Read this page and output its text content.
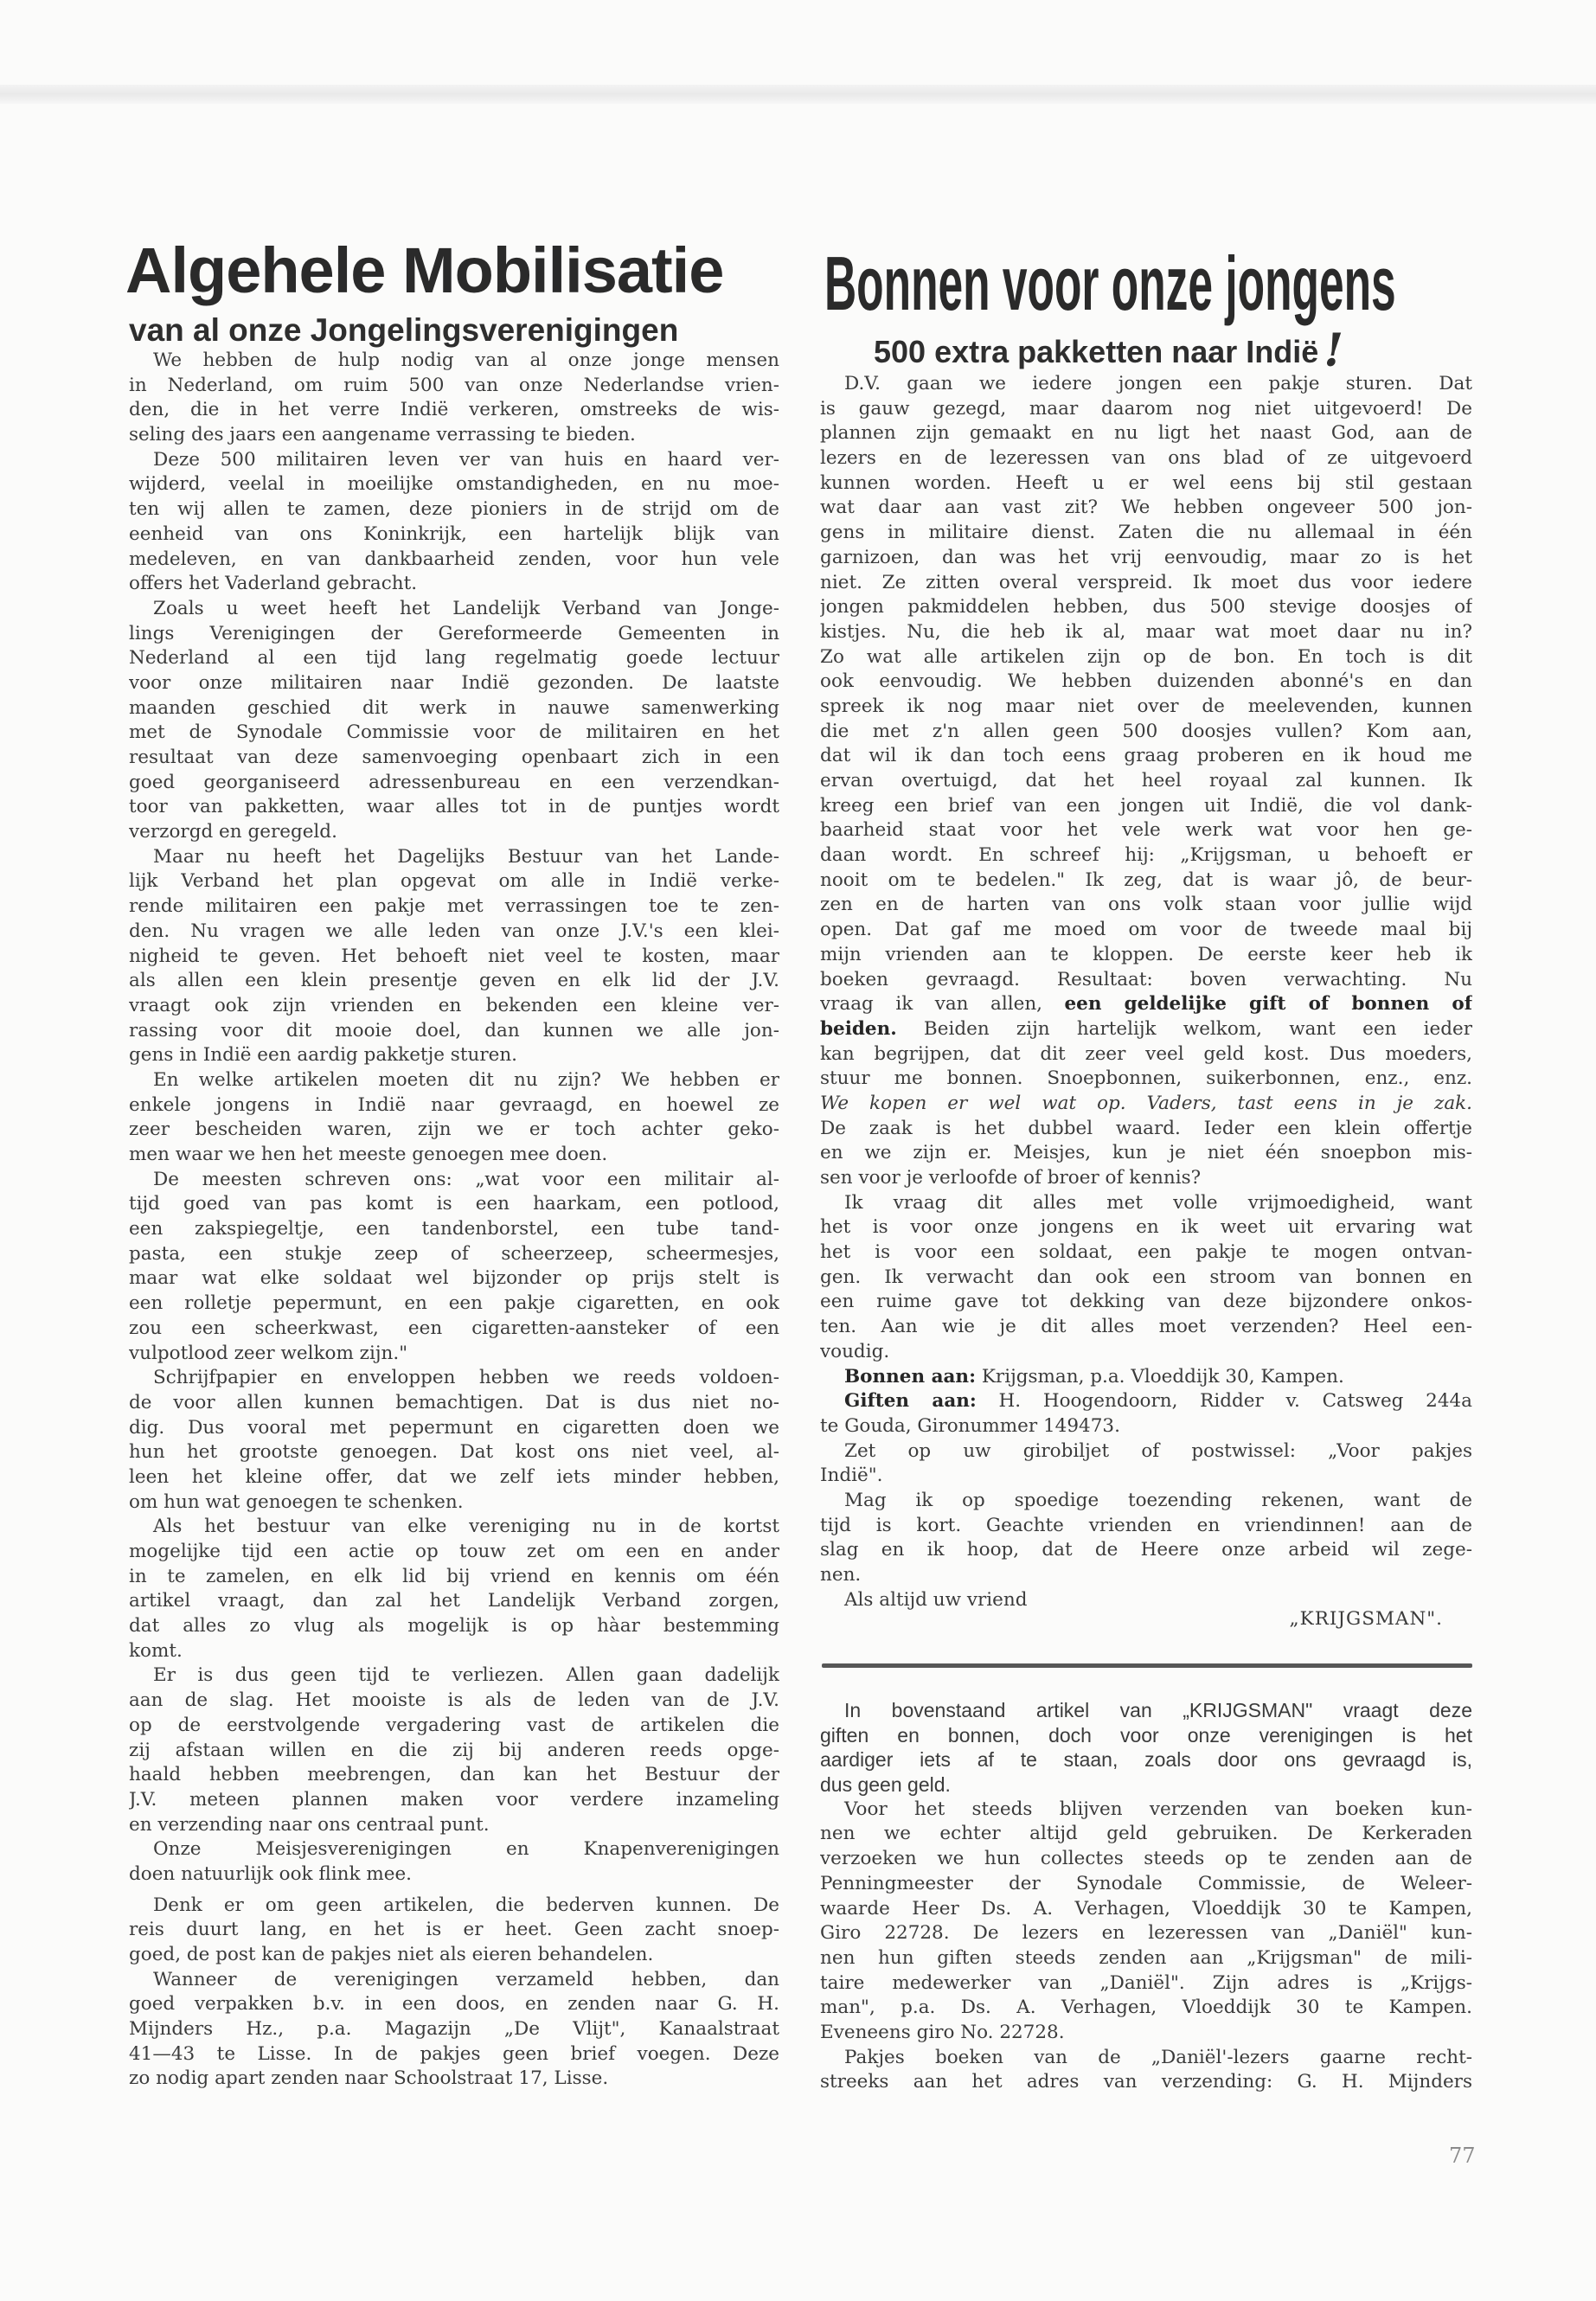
Algehele Mobilisatie
van al onze Jongelingsverenigingen
Bonnen voor onze jongens
500 extra pakketten naar Indië !
We hebben de hulp nodig van al onze jonge mensen
in Nederland, om ruim 500 van onze Nederlandse vrien-
den, die in het verre Indië verkeren, omstreeks de wis-
seling des jaars een aangename verrassing te bieden.
Deze 500 militairen leven ver van huis en haard ver-
wijderd, veelal in moeilijke omstandigheden, en nu moe-
ten wij allen te zamen, deze pioniers in de strijd om de
eenheid van ons Koninkrijk, een hartelijk blijk van
medeleven, en van dankbaarheid zenden, voor hun vele
offers het Vaderland gebracht.
Zoals u weet heeft het Landelijk Verband van Jonge-
lings Verenigingen der Gereformeerde Gemeenten in
Nederland al een tijd lang regelmatig goede lectuur
voor onze militairen naar Indië gezonden. De laatste
maanden geschied dit werk in nauwe samenwerking
met de Synodale Commissie voor de militairen en het
resultaat van deze samenvoeging openbaart zich in een
goed georganiseerd adressenbureau en een verzendkan-
toor van pakketten, waar alles tot in de puntjes wordt
verzorgd en geregeld.
Maar nu heeft het Dagelijks Bestuur van het Lande-
lijk Verband het plan opgevat om alle in Indië verke-
rende militairen een pakje met verrassingen toe te zen-
den. Nu vragen we alle leden van onze J.V.'s een klei-
nigheid te geven. Het behoeft niet veel te kosten, maar
als allen een klein presentje geven en elk lid der J.V.
vraagt ook zijn vrienden en bekenden een kleine ver-
rassing voor dit mooie doel, dan kunnen we alle jon-
gens in Indië een aardig pakketje sturen.
En welke artikelen moeten dit nu zijn? We hebben er
enkele jongens in Indië naar gevraagd, en hoewel ze
zeer bescheiden waren, zijn we er toch achter geko-
men waar we hen het meeste genoegen mee doen.
De meesten schreven ons: „wat voor een militair al-
tijd goed van pas komt is een haarkam, een potlood,
een zakspiegeltje, een tandenborstel, een tube tand-
pasta, een stukje zeep of scheerzeep, scheermesjes,
maar wat elke soldaat wel bijzonder op prijs stelt is
een rolletje pepermunt, en een pakje cigaretten, en ook
zou een scheerkwast, een cigaretten-aansteker of een
vulpotlood zeer welkom zijn."
Schrijfpapier en enveloppen hebben we reeds voldoen-
de voor allen kunnen bemachtigen. Dat is dus niet no-
dig. Dus vooral met pepermunt en cigaretten doen we
hun het grootste genoegen. Dat kost ons niet veel, al-
leen het kleine offer, dat we zelf iets minder hebben,
om hun wat genoegen te schenken.
Als het bestuur van elke vereniging nu in de kortst
mogelijke tijd een actie op touw zet om een en ander
in te zamelen, en elk lid bij vriend en kennis om één
artikel vraagt, dan zal het Landelijk Verband zorgen,
dat alles zo vlug als mogelijk is op hàar bestemming
komt.
Er is dus geen tijd te verliezen. Allen gaan dadelijk
aan de slag. Het mooiste is als de leden van de J.V.
op de eerstvolgende vergadering vast de artikelen die
zij afstaan willen en die zij bij anderen reeds opge-
haald hebben meebrengen, dan kan het Bestuur der
J.V. meteen plannen maken voor verdere inzameling
en verzending naar ons centraal punt.
Onze Meisjesverenigingen en Knapenverenigingen
doen natuurlijk ook flink mee.
Denk er om geen artikelen, die bederven kunnen. De
reis duurt lang, en het is er heet. Geen zacht snoep-
goed, de post kan de pakjes niet als eieren behandelen.
Wanneer de verenigingen verzameld hebben, dan
goed verpakken b.v. in een doos, en zenden naar G. H.
Mijnders Hz., p.a. Magazijn „De Vlijt", Kanaalstraat
41—43 te Lisse. In de pakjes geen brief voegen. Deze
zo nodig apart zenden naar Schoolstraat 17, Lisse.
D.V. gaan we iedere jongen een pakje sturen. Dat
is gauw gezegd, maar daarom nog niet uitgevoerd! De
plannen zijn gemaakt en nu ligt het naast God, aan de
lezers en de lezeressen van ons blad of ze uitgevoerd
kunnen worden. Heeft u er wel eens bij stil gestaan
wat daar aan vast zit? We hebben ongeveer 500 jon-
gens in militaire dienst. Zaten die nu allemaal in één
garnizoen, dan was het vrij eenvoudig, maar zo is het
niet. Ze zitten overal verspreid. Ik moet dus voor iedere
jongen pakmiddelen hebben, dus 500 stevige doosjes of
kistjes. Nu, die heb ik al, maar wat moet daar nu in?
Zo wat alle artikelen zijn op de bon. En toch is dit
ook eenvoudig. We hebben duizenden abonné's en dan
spreek ik nog maar niet over de meelevenden, kunnen
die met z'n allen geen 500 doosjes vullen? Kom aan,
dat wil ik dan toch eens graag proberen en ik houd me
ervan overtuigd, dat het heel royaal zal kunnen. Ik
kreeg een brief van een jongen uit Indië, die vol dank-
baarheid staat voor het vele werk wat voor hen ge-
daan wordt. En schreef hij: „Krijgsman, u behoeft er
nooit om te bedelen." Ik zeg, dat is waar jô, de beur-
zen en de harten van ons volk staan voor jullie wijd
open. Dat gaf me moed om voor de tweede maal bij
mijn vrienden aan te kloppen. De eerste keer heb ik
boeken gevraagd. Resultaat: boven verwachting. Nu
vraag ik van allen, een geldelijke gift of bonnen of
beiden. Beiden zijn hartelijk welkom, want een ieder
kan begrijpen, dat dit zeer veel geld kost. Dus moeders,
stuur me bonnen. Snoepbonnen, suikerbonnen, enz., enz.
We kopen er wel wat op. Vaders, tast eens in je zak.
De zaak is het dubbel waard. Ieder een klein offertje
en we zijn er. Meisjes, kun je niet één snoepbon mis-
sen voor je verloofde of broer of kennis?
Ik vraag dit alles met volle vrijmoedigheid, want
het is voor onze jongens en ik weet uit ervaring wat
het is voor een soldaat, een pakje te mogen ontvan-
gen. Ik verwacht dan ook een stroom van bonnen en
een ruime gave tot dekking van deze bijzondere onkos-
ten. Aan wie je dit alles moet verzenden? Heel een-
voudig.
Bonnen aan: Krijgsman, p.a. Vloeddijk 30, Kampen.
Giften aan: H. Hoogendoorn, Ridder v. Catsweg 244a
te Gouda, Gironummer 149473.
Zet op uw girobiljet of postwissel: „Voor pakjes
Indië".
Mag ik op spoedige toezending rekenen, want de
tijd is kort. Geachte vrienden en vriendinnen! aan de
slag en ik hoop, dat de Heere onze arbeid wil zege-
nen.
Als altijd uw vriend
„KRIJGSMAN".
In bovenstaand artikel van „KRIJGSMAN" vraagt deze
giften en bonnen, doch voor onze verenigingen is het
aardiger iets af te staan, zoals door ons gevraagd is,
dus geen geld.
Voor het steeds blijven verzenden van boeken kun-
nen we echter altijd geld gebruiken. De Kerkeraden
verzoeken we hun collectes steeds op te zenden aan de
Penningmeester der Synodale Commissie, de Weleer-
waarde Heer Ds. A. Verhagen, Vloeddijk 30 te Kampen,
Giro 22728. De lezers en lezeressen van „Daniël" kun-
nen hun giften steeds zenden aan „Krijgsman" de mili-
taire medewerker van „Daniël". Zijn adres is „Krijgs-
man", p.a. Ds. A. Verhagen, Vloeddijk 30 te Kampen.
Eveneens giro No. 22728.
Pakjes boeken van de „Daniël'-lezers gaarne recht-
streeks aan het adres van verzending: G. H. Mijnders
77
